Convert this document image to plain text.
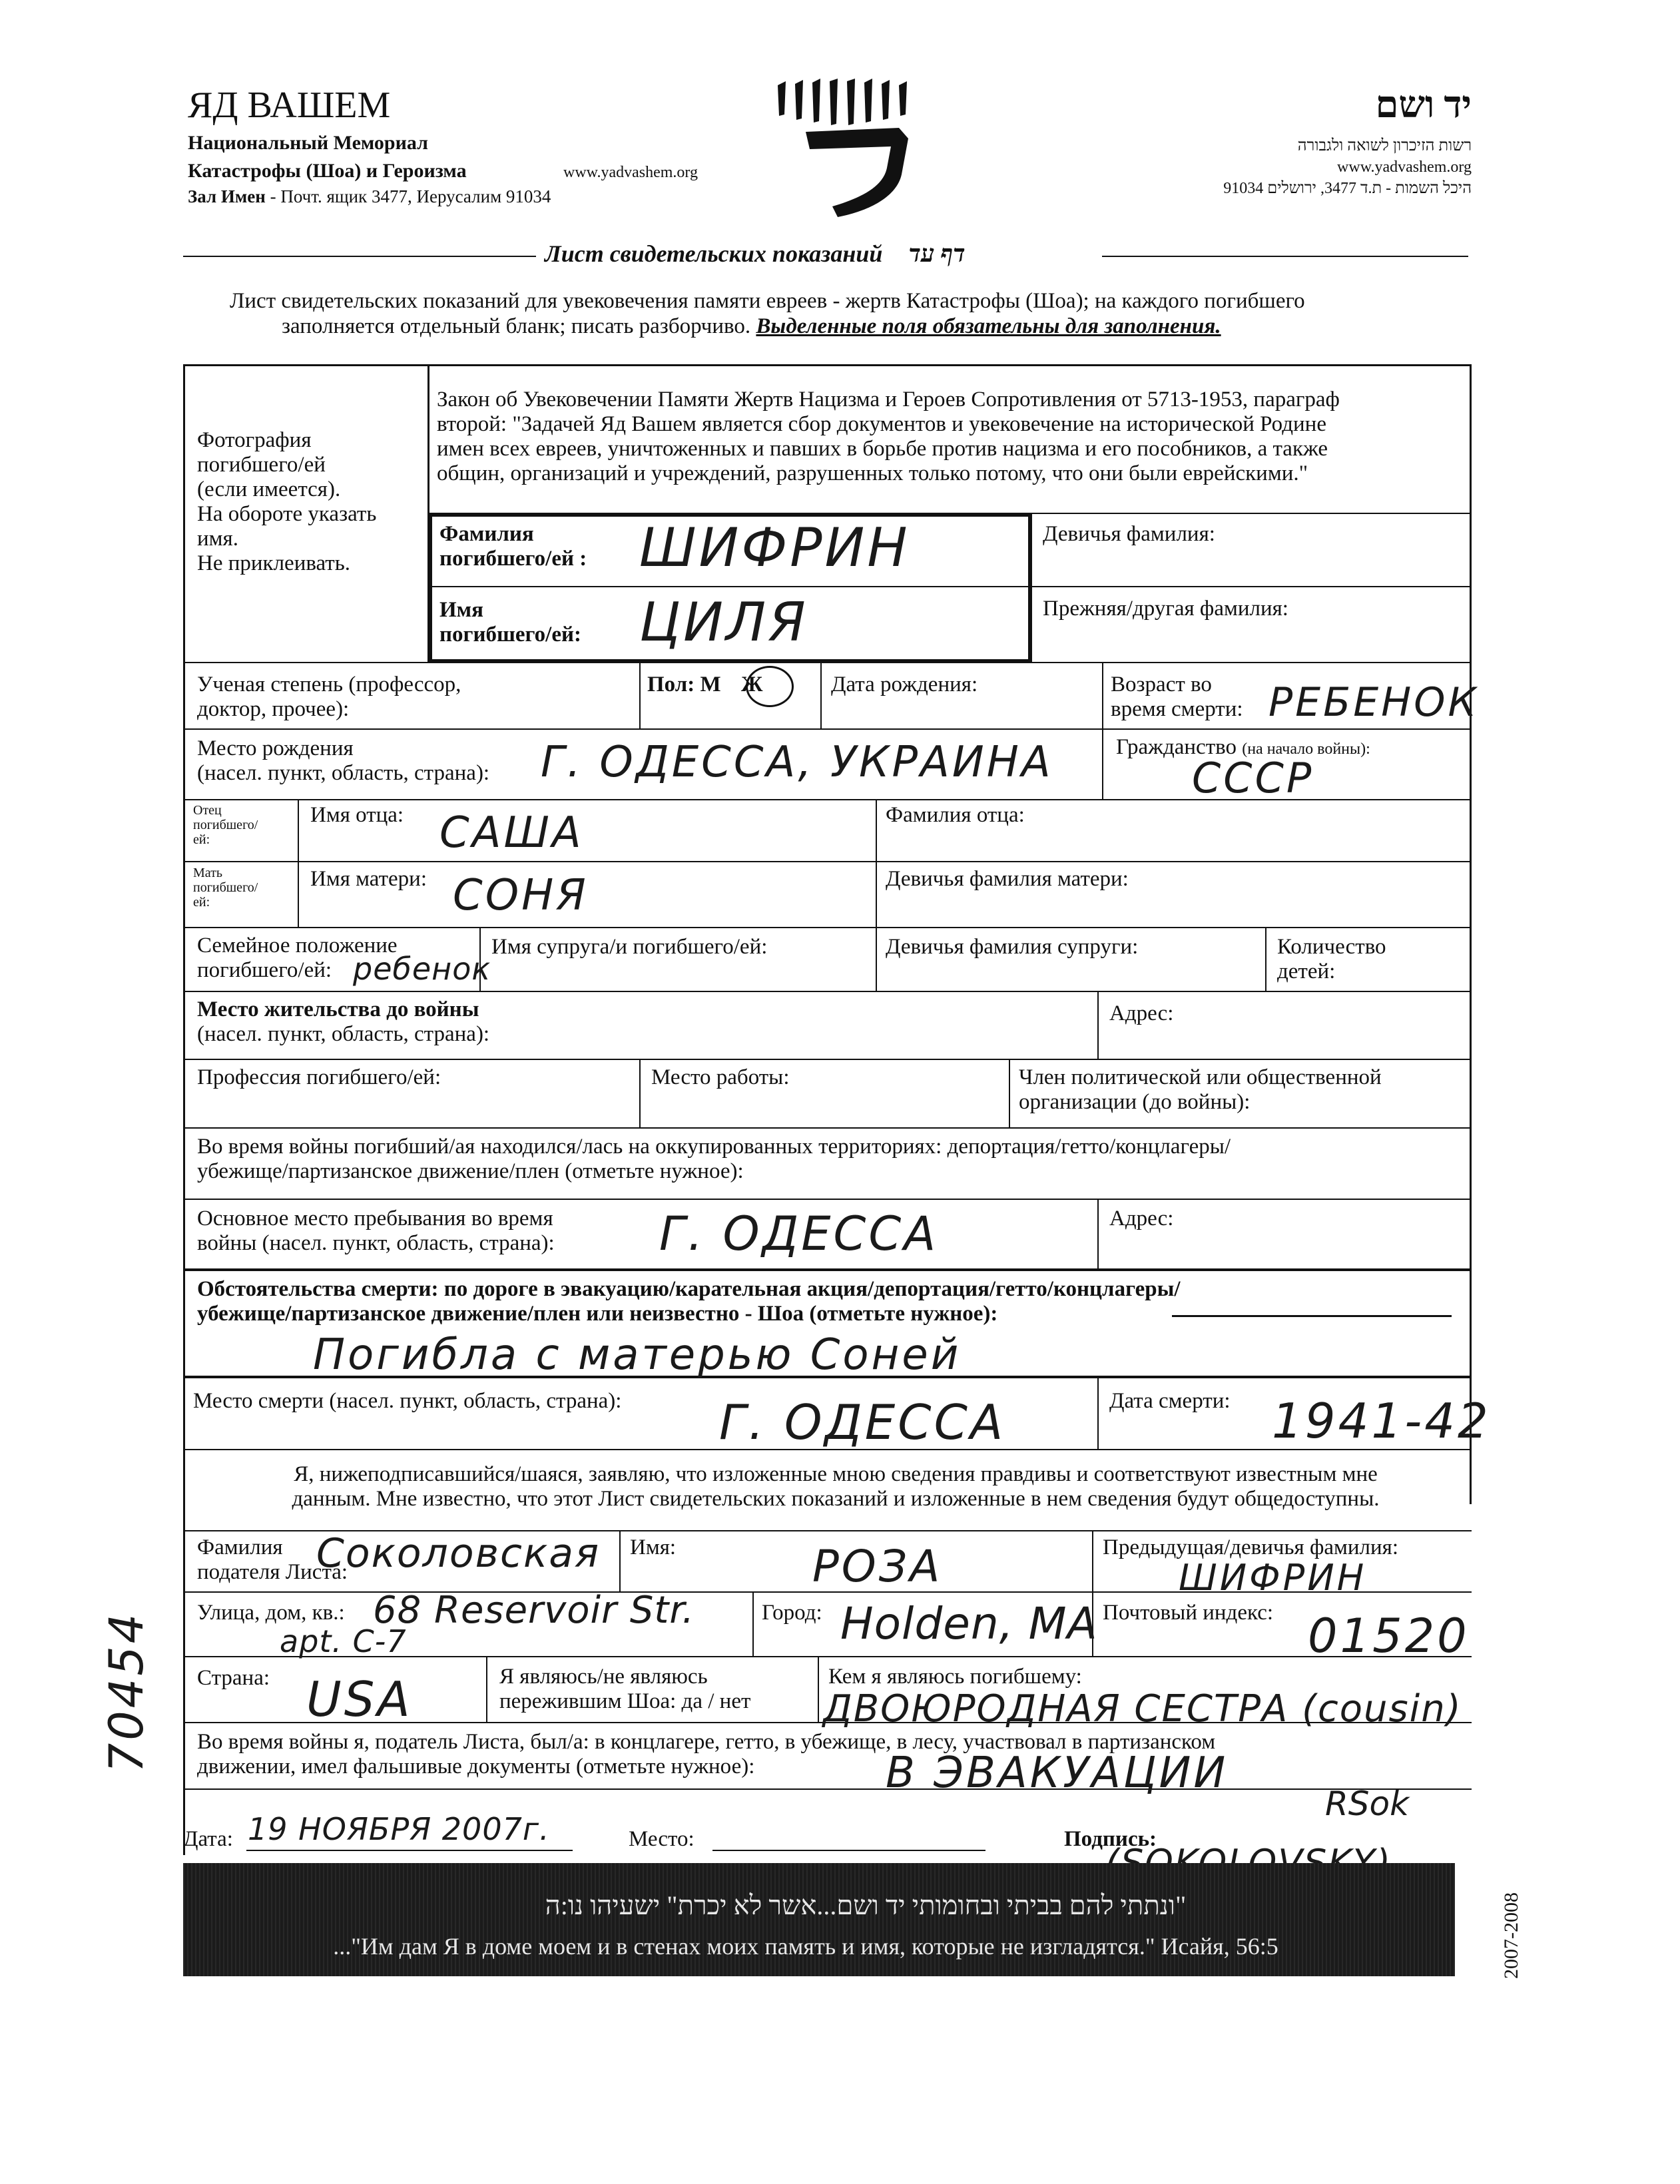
ЯД ВАШЕМ
Национальный Мемориал
Катастрофы (Шоа) и Героизма	www.yadvashem.org
Зал Имен - Почт. ящик 3477, Иерусалим 91034
יד ושם
רשות הזיכרון לשואה ולגבורה
www.yadvashem.org
היכל השמות - ת.ד 3477, ירושלים 91034
Лист свидетельских показаний דף עד
Лист свидетельских показаний для увековечения памяти евреев - жертв Катастрофы (Шоа); на каждого погибшего
заполняется отдельный бланк; писать разборчиво. Выделенные поля обязательны для заполнения.
Фотография
погибшего/ей
(если имеется).
На обороте указать
имя.
Не приклеивать.
Закон об Увековечении Памяти Жертв Нацизма и Героев Сопротивления от 5713-1953, параграф
второй: "Задачей Яд Вашем является сбор документов и увековечение на исторической Родине
имен всех евреев, уничтоженных и павших в борьбе против нацизма и его пособников, а также
общин, организаций и учреждений, разрушенных только потому, что они были еврейскими."
Фамилия
погибшего/ей : ШИФРИН	Девичья фамилия:
Имя
погибшего/ей: ЦИЛЯ	Прежняя/другая фамилия:
Ученая степень (профессор,
доктор, прочее):
Пол: М Ж	Дата рождения:	Возраст во
время смерти: РЕБЕНОК
Место рождения
(насел. пункт, область, страна): Г. ОДЕССА, УКРАИНА	Гражданство (на начало войны):
СССР
Отец
погибшего/
ей:
Имя отца: САША	Фамилия отца:
Мать
погибшего/
ей:
Имя матери: СОНЯ	Девичья фамилия матери:
Семейное положение
погибшего/ей: ребенок
Имя супруга/и погибшего/ей:	Девичья фамилия супруги:	Количество
детей:
Место жительства до войны
(насел. пункт, область, страна):
Адрес:
Профессия погибшего/ей:	Место работы:	Член политической или общественной
организации (до войны):
Во время войны погибший/ая находился/лась на оккупированных территориях: депортация/гетто/концлагеры/
убежище/партизанское движение/плен (отметьте нужное):
Основное место пребывания во время
войны (насел. пункт, область, страна): Г. ОДЕССА	Адрес:
Обстоятельства смерти: по дороге в эвакуацию/карательная акция/депортация/гетто/концлагеры/
убежище/партизанское движение/плен или неизвестно - Шоа (отметьте нужное):
Погибла с матерью Соней
Место смерти (насел. пункт, область, страна): Г. ОДЕССА	Дата смерти: 1941-42
Я, нижеподписавшийся/шаяся, заявляю, что изложенные мною сведения правдивы и соответствуют известным мне
данным. Мне известно, что этот Лист свидетельских показаний и изложенные в нем сведения будут общедоступны.
Фамилия
подателя Листа:
Соколовская Имя:	РОЗА	Предыдущая/девичья фамилия:
ШИФРИН
Улица, дом, кв.: 68 Reservoir Str.
apt. C-7
Город: Holden, MA Почтовый индекс: 01520
Страна: USA	Я являюсь/не являюсь
пережившим Шоа: да / нет
Кем я являюсь погибшему:
ДВОЮРОДНАЯ СЕСТРА (cousin)
Во время войны я, податель Листа, был/а: в концлагере, гетто, в убежище, в лесу, участвовал в партизанском
движении, имел фальшивые документы (отметьте нужное):	В ЭВАКУАЦИИ
Дата: 19 НОЯБРЯ 2007г.	Место:	Подпись:
RSok
70454
"ונתתי להם בביתי ובחומותי יד ושם...אשר לא יכרת" ישעיהו נו:ה
..."Им дам Я в доме моем и в стенах моих память и имя, которые не изгладятся." Исайя, 56:5	2007-2008
